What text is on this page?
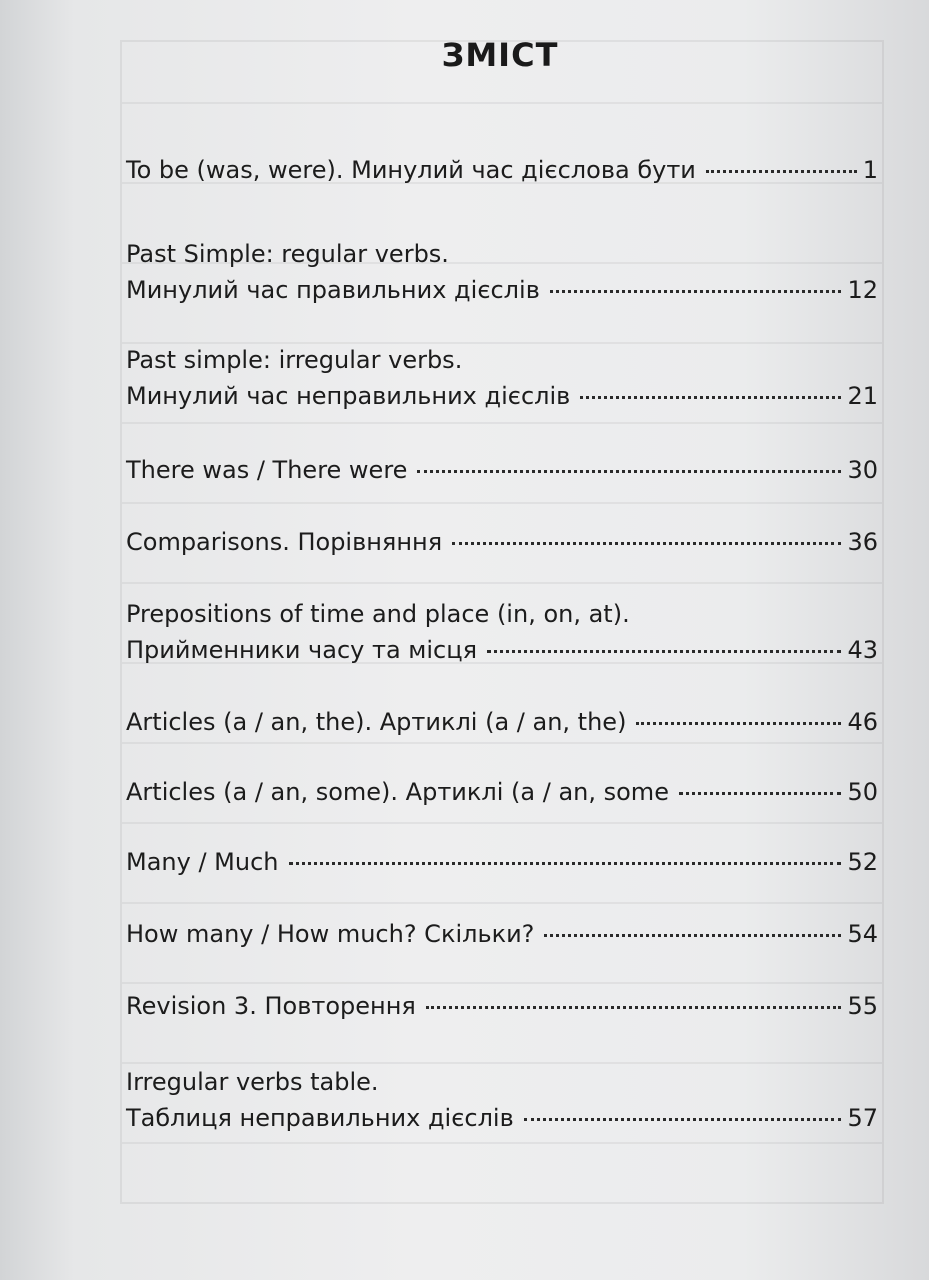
ЗМІСТ
To be (was, were). Минулий час дієслова бути	1
Past Simple: regular verbs.
Минулий час правильних дієслів	12
Past simple: irregular verbs.
Минулий час неправильних дієслів	21
There was / There were	30
Comparisons. Порівняння	36
Prepositions of time and place (in, on, at).
Прийменники часу та місця	43
Articles (a / an, the). Артиклі (a / an, the)	46
Articles (a / an, some). Артиклі (a / an, some	50
Many / Much	52
How many / How much? Скільки?	54
Revision 3. Повторення	55
Irregular verbs table.
Таблиця неправильних дієслів	57
